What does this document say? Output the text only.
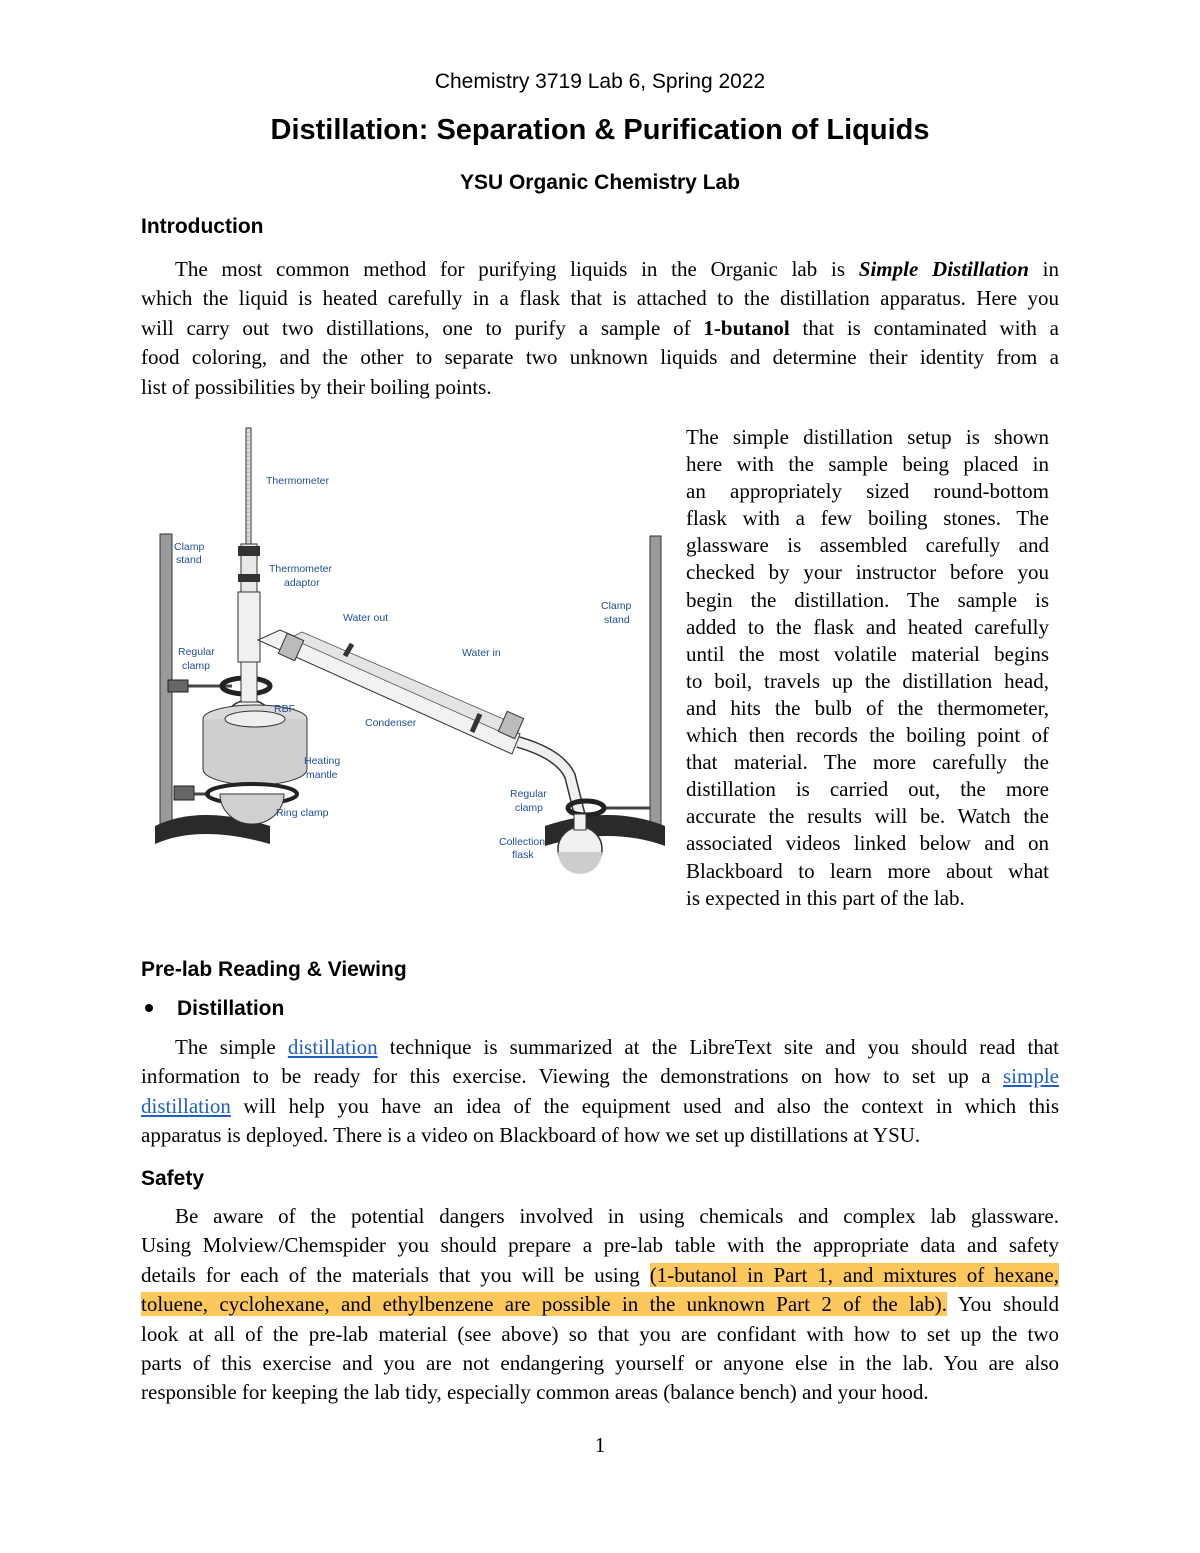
Chemistry 3719 Lab 6, Spring 2022
Distillation: Separation & Purification of Liquids
YSU Organic Chemistry Lab
Introduction
The most common method for purifying liquids in the Organic lab is Simple Distillation in
which the liquid is heated carefully in a flask that is attached to the distillation apparatus. Here you
will carry out two distillations, one to purify a sample of 1-butanol that is contaminated with a
food coloring, and the other to separate two unknown liquids and determine their identity from a
list of possibilities by their boiling points.
Thermometer
Clamp
stand
Thermometer
adaptor
Water out
Clamp
stand
Water in
Regular
clamp
RBF
Condenser
Heating
mantle
Ring clamp
Regular
clamp
Collection
flask
The simple distillation setup is shown
here with the sample being placed in
an appropriately sized round-bottom
flask with a few boiling stones. The
glassware is assembled carefully and
checked by your instructor before you
begin the distillation. The sample is
added to the flask and heated carefully
until the most volatile material begins
to boil, travels up the distillation head,
and hits the bulb of the thermometer,
which then records the boiling point of
that material. The more carefully the
distillation is carried out, the more
accurate the results will be. Watch the
associated videos linked below and on
Blackboard to learn more about what
is expected in this part of the lab.
Pre-lab Reading & Viewing
Distillation
The simple distillation technique is summarized at the LibreText site and you should read that
information to be ready for this exercise. Viewing the demonstrations on how to set up a simple
distillation will help you have an idea of the equipment used and also the context in which this
apparatus is deployed. There is a video on Blackboard of how we set up distillations at YSU.
Safety
Be aware of the potential dangers involved in using chemicals and complex lab glassware.
Using Molview/Chemspider you should prepare a pre-lab table with the appropriate data and safety
details for each of the materials that you will be using (1-butanol in Part 1, and mixtures of hexane,
toluene, cyclohexane, and ethylbenzene are possible in the unknown Part 2 of the lab). You should
look at all of the pre-lab material (see above) so that you are confidant with how to set up the two
parts of this exercise and you are not endangering yourself or anyone else in the lab. You are also
responsible for keeping the lab tidy, especially common areas (balance bench) and your hood.
1
